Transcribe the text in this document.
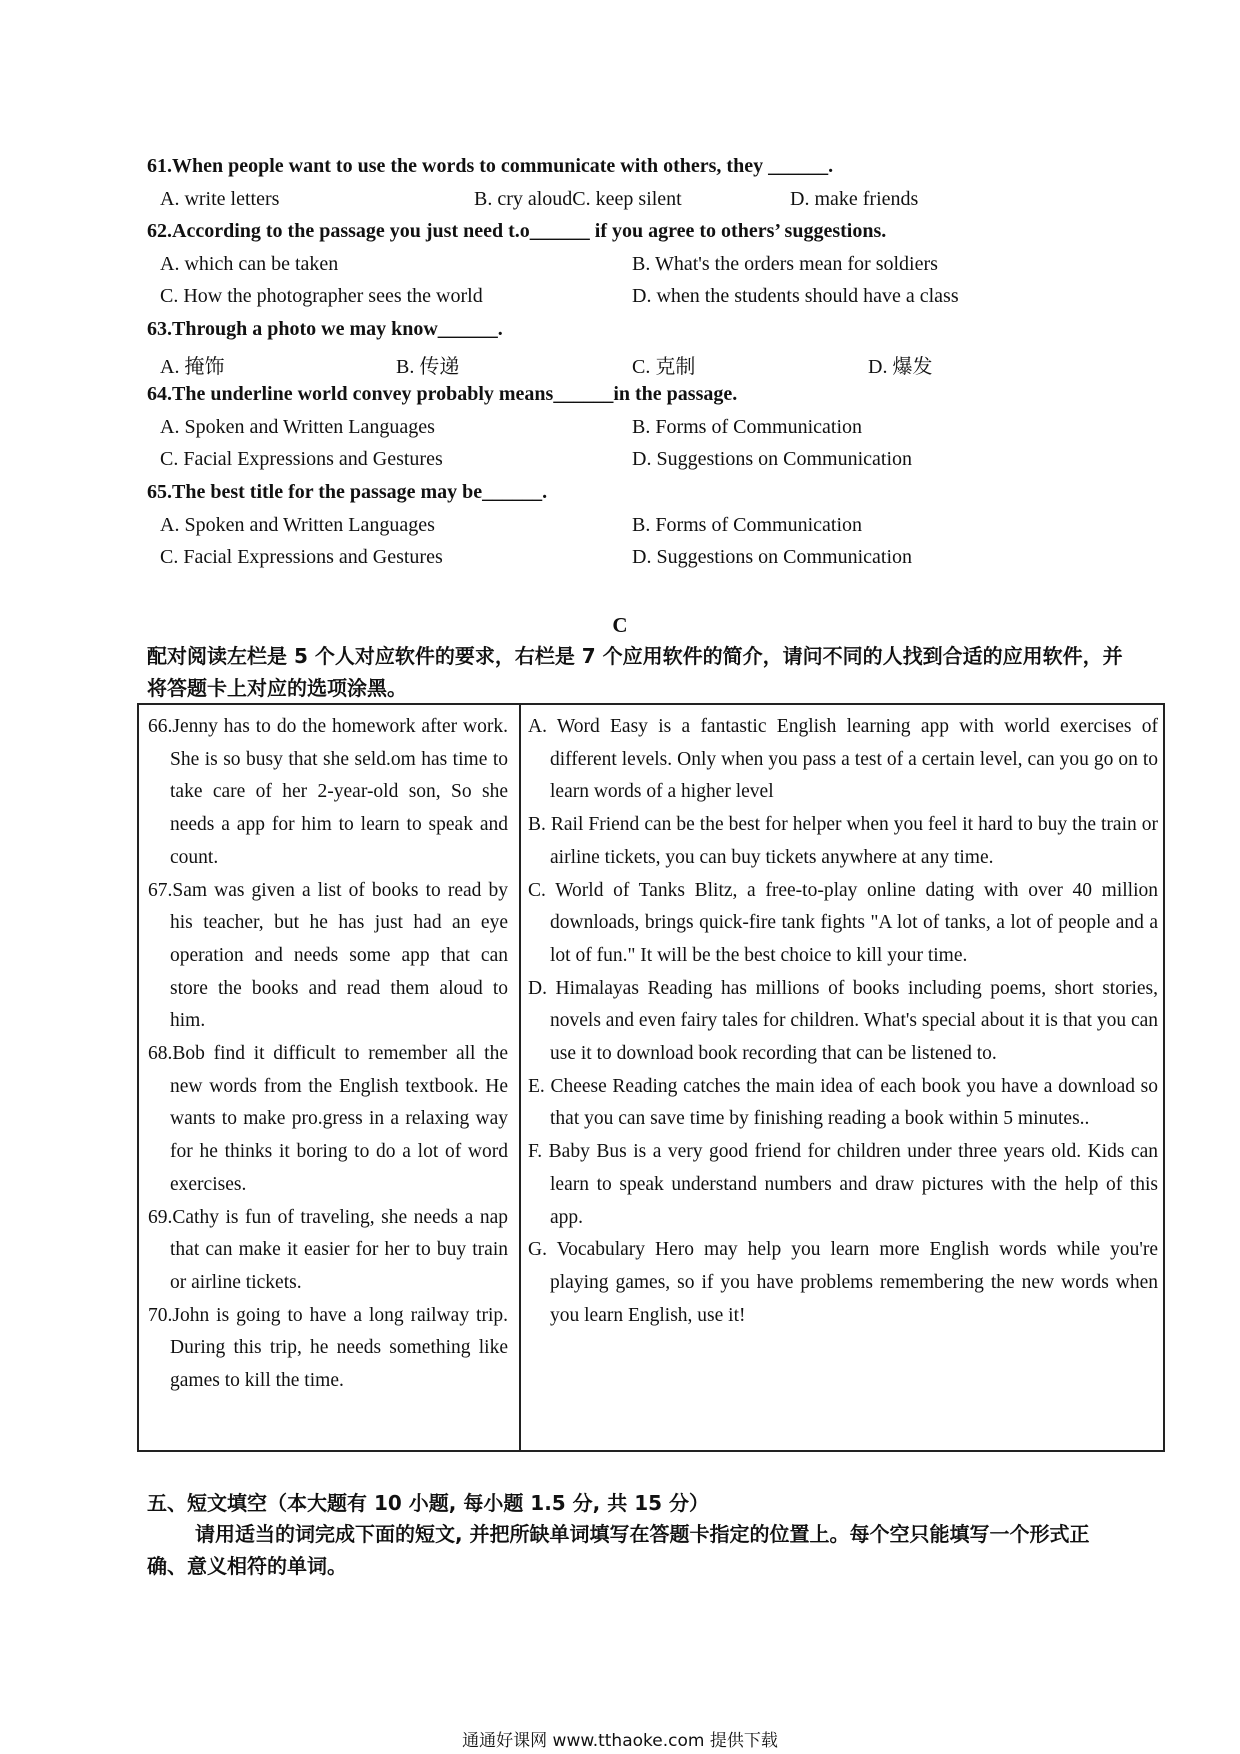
61.When people want to use the words to communicate with others, they ______.
A. write letters	B. cry aloudC. keep silent	D. make friends
62.According to the passage you just need t.o______ if you agree to others’ suggestions.
A. which can be taken	B. What's the orders mean for soldiers
C. How the photographer sees the world	D. when the students should have a class
63.Through a photo we may know______.
A. 掩饰	B. 传递	C. 克制	D. 爆发
64.The underline world convey probably means______in the passage.
A. Spoken and Written Languages	B. Forms of Communication
C. Facial Expressions and Gestures	D. Suggestions on Communication
65.The best title for the passage may be______.
A. Spoken and Written Languages	B. Forms of Communication
C. Facial Expressions and Gestures	D. Suggestions on Communication
C
配对阅读左栏是 5 个人对应软件的要求，右栏是 7 个应用软件的简介，请问不同的人找到合适的应用软件，并将答题卡上对应的选项涂黑。

66.Jenny has to do the homework after work. She is so busy that she seld.om has time to take care of her 2-year-old son, So she needs a app for him to learn to speak and count.

67.Sam was given a list of books to read by his teacher, but he has just had an eye operation and needs some app that can store the books and read them aloud to him.

68.Bob find it difficult to remember all the new words from the English textbook. He wants to make pro.gress in a relaxing way for he thinks it boring to do a lot of word exercises.

69.Cathy is fun of traveling, she needs a nap that can make it easier for her to buy train or airline tickets.

70.John is going to have a long railway trip. During this trip, he needs something like games to kill the time.

A. Word Easy is a fantastic English learning app with world exercises of different levels. Only when you pass a test of a certain level, can you go on to learn words of a higher level

B. Rail Friend can be the best for helper when you feel it hard to buy the train or airline tickets, you can buy tickets anywhere at any time.

C. World of Tanks Blitz, a free-to-play online dating with over 40 million downloads, brings quick-fire tank fights "A lot of tanks, a lot of people and a lot of fun." It will be the best choice to kill your time.

D. Himalayas Reading has millions of books including poems, short stories, novels and even fairy tales for children. What's special about it is that you can use it to download book recording that can be listened to.

E. Cheese Reading catches the main idea of each book you have a download so that you can save time by finishing reading a book within 5 minutes..

F. Baby Bus is a very good friend for children under three years old. Kids can learn to speak understand numbers and draw pictures with the help of this app.

G. Vocabulary Hero may help you learn more English words while you're playing games, so if you have problems remembering the new words when you learn English, use it!

五、短文填空（本大题有 10 小题, 每小题 1.5 分, 共 15 分）
请用适当的词完成下面的短文, 并把所缺单词填写在答题卡指定的位置上。每个空只能填写一个形式正确、意义相符的单词。
通通好课网 www.tthaoke.com 提供下载
